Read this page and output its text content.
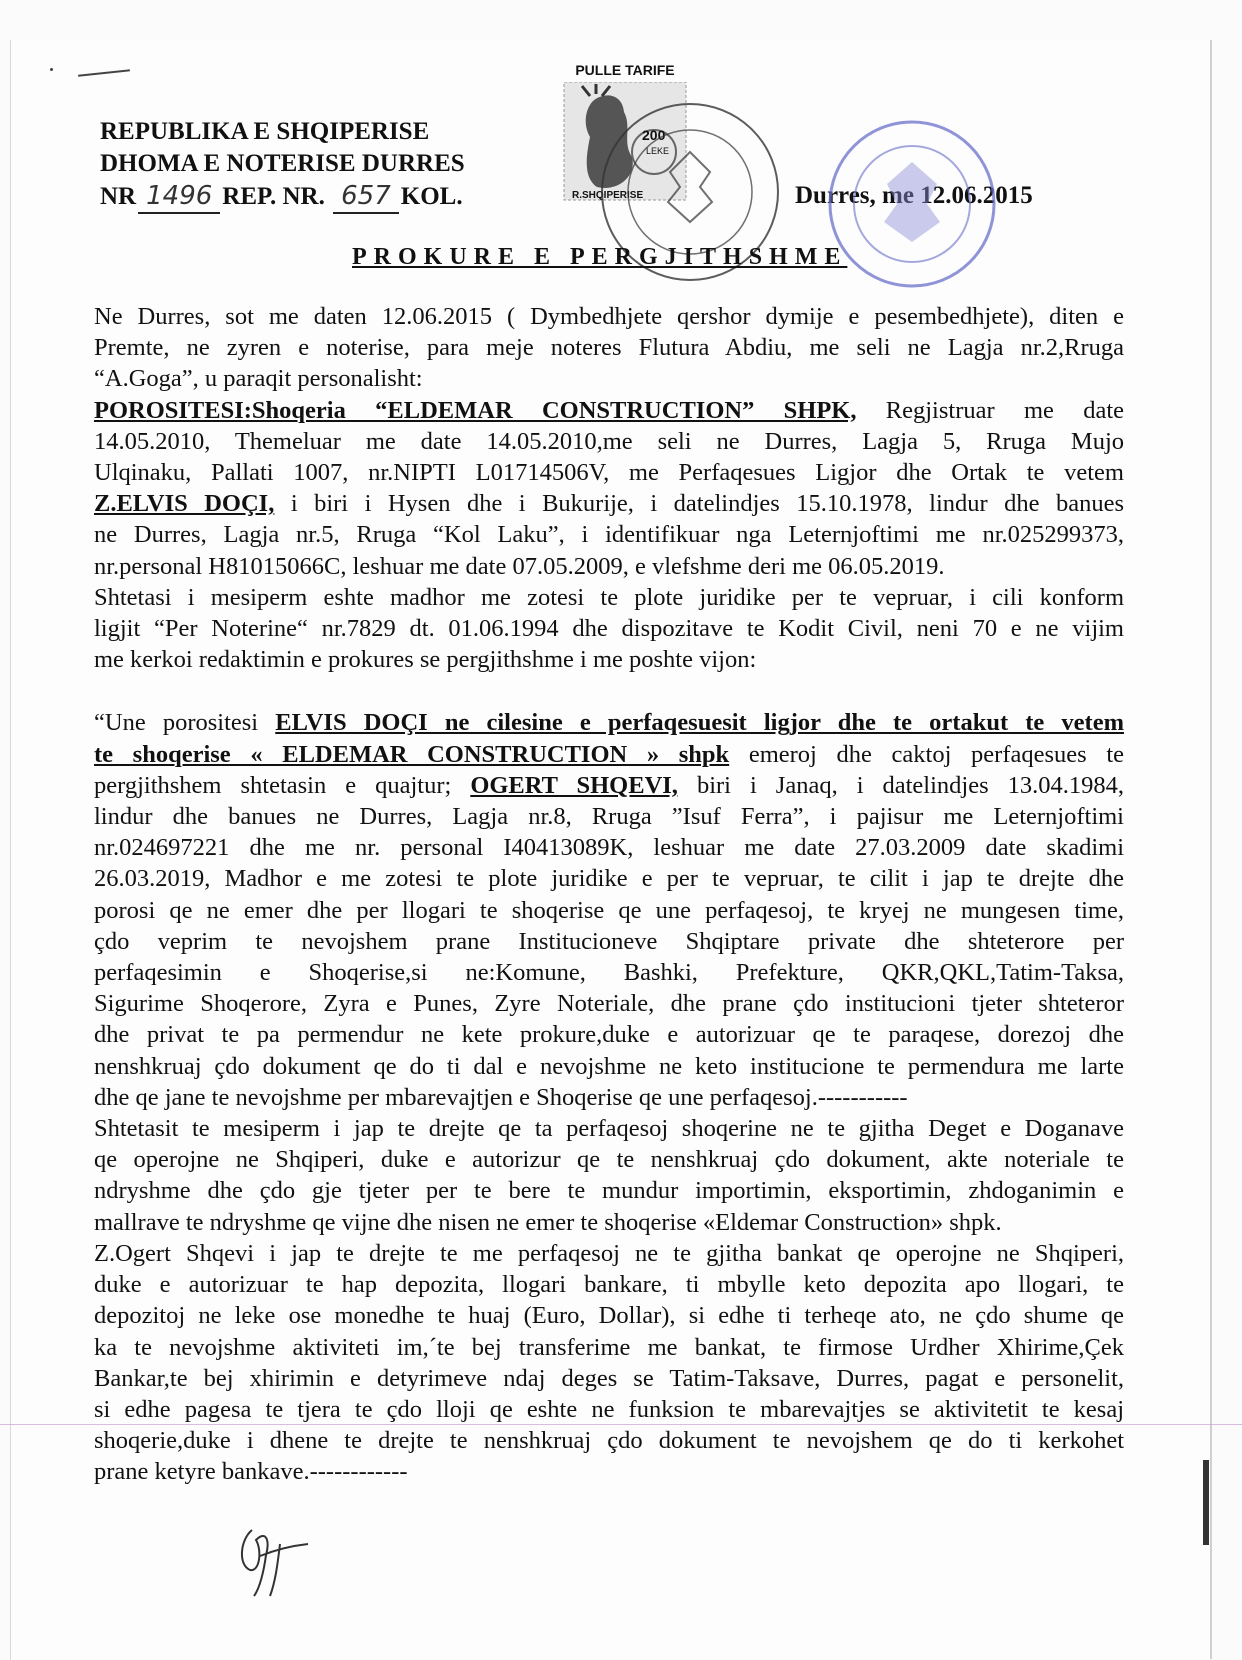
REPUBLIKA E SHQIPERISE
DHOMA E NOTERISE DURRES
NR 1496 REP. NR. 657 KOL.	Durres, me 12.06.2015
PULLE TARIFE
200
LEKE
R.SHQIPERISE
PROKURE E PERGJITHSHME
Ne Durres, sot me daten 12.06.2015 ( Dymbedhjete qershor dymije e pesembedhjete), diten e
Premte, ne zyren e noterise, para meje noteres Flutura Abdiu, me seli ne Lagja nr.2,Rruga
“A.Goga”, u paraqit personalisht:
POROSITESI:Shoqeria “ELDEMAR CONSTRUCTION” SHPK, Regjistruar me date
14.05.2010, Themeluar me date 14.05.2010,me seli ne Durres, Lagja 5, Rruga Mujo
Ulqinaku, Pallati 1007, nr.NIPTI L01714506V, me Perfaqesues Ligjor dhe Ortak te vetem
Z.ELVIS DOÇI, i biri i Hysen dhe i Bukurije, i datelindjes 15.10.1978, lindur dhe banues
ne Durres, Lagja nr.5, Rruga “Kol Laku”, i identifikuar nga Leternjoftimi me nr.025299373,
nr.personal H81015066C, leshuar me date 07.05.2009, e vlefshme deri me 06.05.2019.
Shtetasi i mesiperm eshte madhor me zotesi te plote juridike per te vepruar, i cili konform
ligjit “Per Noterine“ nr.7829 dt. 01.06.1994 dhe dispozitave te Kodit Civil, neni 70 e ne vijim
me kerkoi redaktimin e prokures se pergjithshme i me poshte vijon:
“Une porositesi ELVIS DOÇI ne cilesine e perfaqesuesit ligjor dhe te ortakut te vetem
te shoqerise « ELDEMAR CONSTRUCTION » shpk emeroj dhe caktoj perfaqesues te
pergjithshem shtetasin e quajtur; OGERT SHQEVI, biri i Janaq, i datelindjes 13.04.1984,
lindur dhe banues ne Durres, Lagja nr.8, Rruga ”Isuf Ferra”, i pajisur me Leternjoftimi
nr.024697221 dhe me nr. personal I40413089K, leshuar me date 27.03.2009 date skadimi
26.03.2019, Madhor e me zotesi te plote juridike e per te vepruar, te cilit i jap te drejte dhe
porosi qe ne emer dhe per llogari te shoqerise qe une perfaqesoj, te kryej ne mungesen time,
çdo veprim te nevojshem prane Institucioneve Shqiptare private dhe shteterore per
perfaqesimin e Shoqerise,si ne:Komune, Bashki, Prefekture, QKR,QKL,Tatim-Taksa,
Sigurime Shoqerore, Zyra e Punes, Zyre Noteriale, dhe prane çdo institucioni tjeter shteteror
dhe privat te pa permendur ne kete prokure,duke e autorizuar qe te paraqese, dorezoj dhe
nenshkruaj çdo dokument qe do ti dal e nevojshme ne keto institucione te permendura me larte
dhe qe jane te nevojshme per mbarevajtjen e Shoqerise qe une perfaqesoj.-----------
Shtetasit te mesiperm i jap te drejte qe ta perfaqesoj shoqerine ne te gjitha Deget e Doganave
qe operojne ne Shqiperi, duke e autorizur qe te nenshkruaj çdo dokument, akte noteriale te
ndryshme dhe çdo gje tjeter per te bere te mundur importimin, eksportimin, zhdoganimin e
mallrave te ndryshme qe vijne dhe nisen ne emer te shoqerise «Eldemar Construction» shpk.
Z.Ogert Shqevi i jap te drejte te me perfaqesoj ne te gjitha bankat qe operojne ne Shqiperi,
duke e autorizuar te hap depozita, llogari bankare, ti mbylle keto depozita apo llogari, te
depozitoj ne leke ose monedhe te huaj (Euro, Dollar), si edhe ti terheqe ato, ne çdo shume qe
ka te nevojshme aktiviteti im,´te bej transferime me bankat, te firmose Urdher Xhirime,Çek
Bankar,te bej xhirimin e detyrimeve ndaj deges se Tatim-Taksave, Durres, pagat e personelit,
si edhe pagesa te tjera te çdo lloji qe eshte ne funksion te mbarevajtjes se aktivitetit te kesaj
shoqerie,duke i dhene te drejte te nenshkruaj çdo dokument te nevojshem qe do ti kerkohet
prane ketyre bankave.------------
